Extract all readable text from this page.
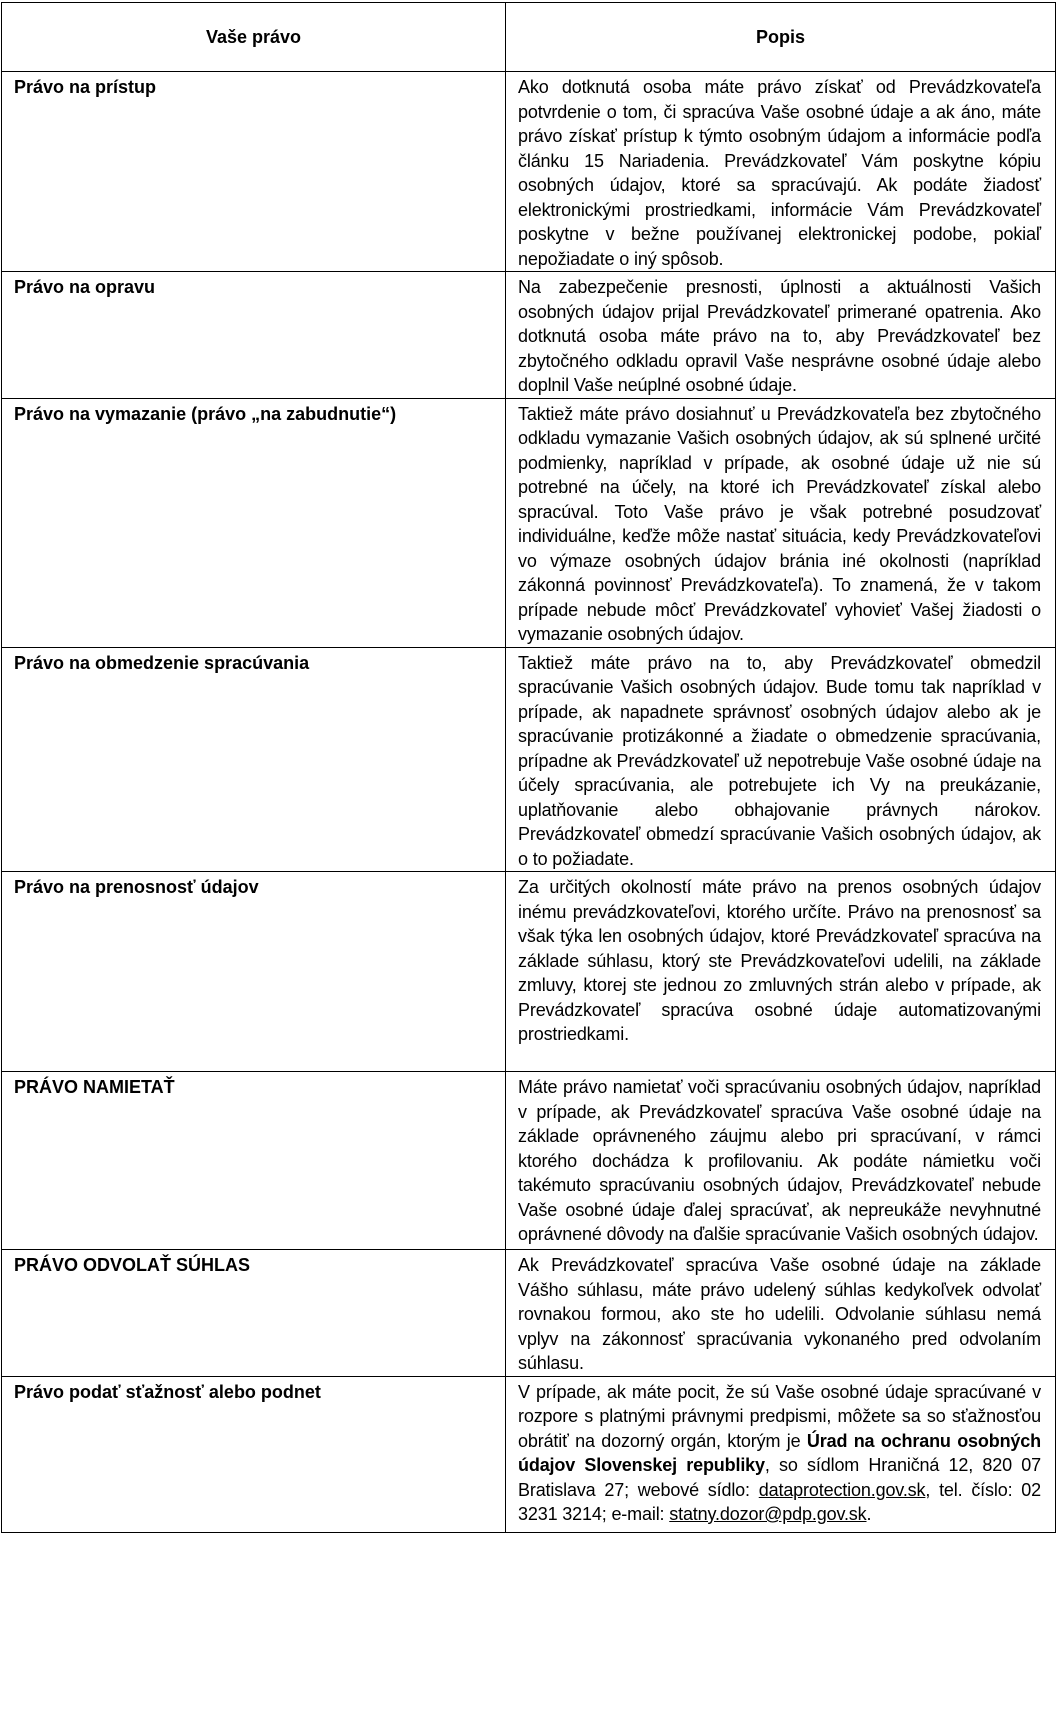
Vaše právo	Popis
Právo na prístup	Ako dotknutá osoba máte právo získať od Prevádzkovateľa potvrdenie o tom, či spracúva Vaše osobné údaje a ak áno, máte právo získať prístup k týmto osobným údajom a informácie podľa článku 15 Nariadenia. Prevádzkovateľ Vám poskytne kópiu osobných údajov, ktoré sa spracúvajú. Ak podáte žiadosť elektronickými prostriedkami, informácie Vám Prevádzkovateľ poskytne v bežne používanej elektronickej podobe, pokiaľ nepožiadate o iný spôsob.
Právo na opravu	Na zabezpečenie presnosti, úplnosti a aktuálnosti Vašich osobných údajov prijal Prevádzkovateľ primerané opatrenia. Ako dotknutá osoba máte právo na to, aby Prevádzkovateľ bez zbytočného odkladu opravil Vaše nesprávne osobné údaje alebo doplnil Vaše neúplné osobné údaje.
Právo na vymazanie (právo „na zabudnutie“)	Taktiež máte právo dosiahnuť u Prevádzkovateľa bez zbytočného odkladu vymazanie Vašich osobných údajov, ak sú splnené určité podmienky, napríklad v prípade, ak osobné údaje už nie sú potrebné na účely, na ktoré ich Prevádzkovateľ získal alebo spracúval. Toto Vaše právo je však potrebné posudzovať individuálne, keďže môže nastať situácia, kedy Prevádzkovateľovi vo výmaze osobných údajov bránia iné okolnosti (napríklad zákonná povinnosť Prevádzkovateľa). To znamená, že v takom prípade nebude môcť Prevádzkovateľ vyhovieť Vašej žiadosti o vymazanie osobných údajov.
Právo na obmedzenie spracúvania	Taktiež máte právo na to, aby Prevádzkovateľ obmedzil spracúvanie Vašich osobných údajov. Bude tomu tak napríklad v prípade, ak napadnete správnosť osobných údajov alebo ak je spracúvanie protizákonné a žiadate o obmedzenie spracúvania, prípadne ak Prevádzkovateľ už nepotrebuje Vaše osobné údaje na účely spracúvania, ale potrebujete ich Vy na preukázanie, uplatňovanie alebo obhajovanie právnych nárokov. Prevádzkovateľ obmedzí spracúvanie Vašich osobných údajov, ak o to požiadate.
Právo na prenosnosť údajov	Za určitých okolností máte právo na prenos osobných údajov inému prevádzkovateľovi, ktorého určíte. Právo na prenosnosť sa však týka len osobných údajov, ktoré Prevádzkovateľ spracúva na základe súhlasu, ktorý ste Prevádzkovateľovi udelili, na základe zmluvy, ktorej ste jednou zo zmluvných strán alebo v prípade, ak Prevádzkovateľ spracúva osobné údaje automatizovanými prostriedkami.
PRÁVO NAMIETAŤ	Máte právo namietať voči spracúvaniu osobných údajov, napríklad v prípade, ak Prevádzkovateľ spracúva Vaše osobné údaje na základe oprávneného záujmu alebo pri spracúvaní, v rámci ktorého dochádza k profilovaniu. Ak podáte námietku voči takémuto spracúvaniu osobných údajov, Prevádzkovateľ nebude Vaše osobné údaje ďalej spracúvať, ak nepreukáže nevyhnutné oprávnené dôvody na ďalšie spracúvanie Vašich osobných údajov.
PRÁVO ODVOLAŤ SÚHLAS	Ak Prevádzkovateľ spracúva Vaše osobné údaje na základe Vášho súhlasu, máte právo udelený súhlas kedykoľvek odvolať rovnakou formou, ako ste ho udelili. Odvolanie súhlasu nemá vplyv na zákonnosť spracúvania vykonaného pred odvolaním súhlasu.
Právo podať sťažnosť alebo podnet	V prípade, ak máte pocit, že sú Vaše osobné údaje spracúvané v rozpore s platnými právnymi predpismi, môžete sa so sťažnosťou obrátiť na dozorný orgán, ktorým je Úrad na ochranu osobných údajov Slovenskej republiky, so sídlom Hraničná 12, 820 07 Bratislava 27; webové sídlo: dataprotection.gov.sk, tel. číslo: 02 3231 3214; e-mail: statny.dozor@pdp.gov.sk.
